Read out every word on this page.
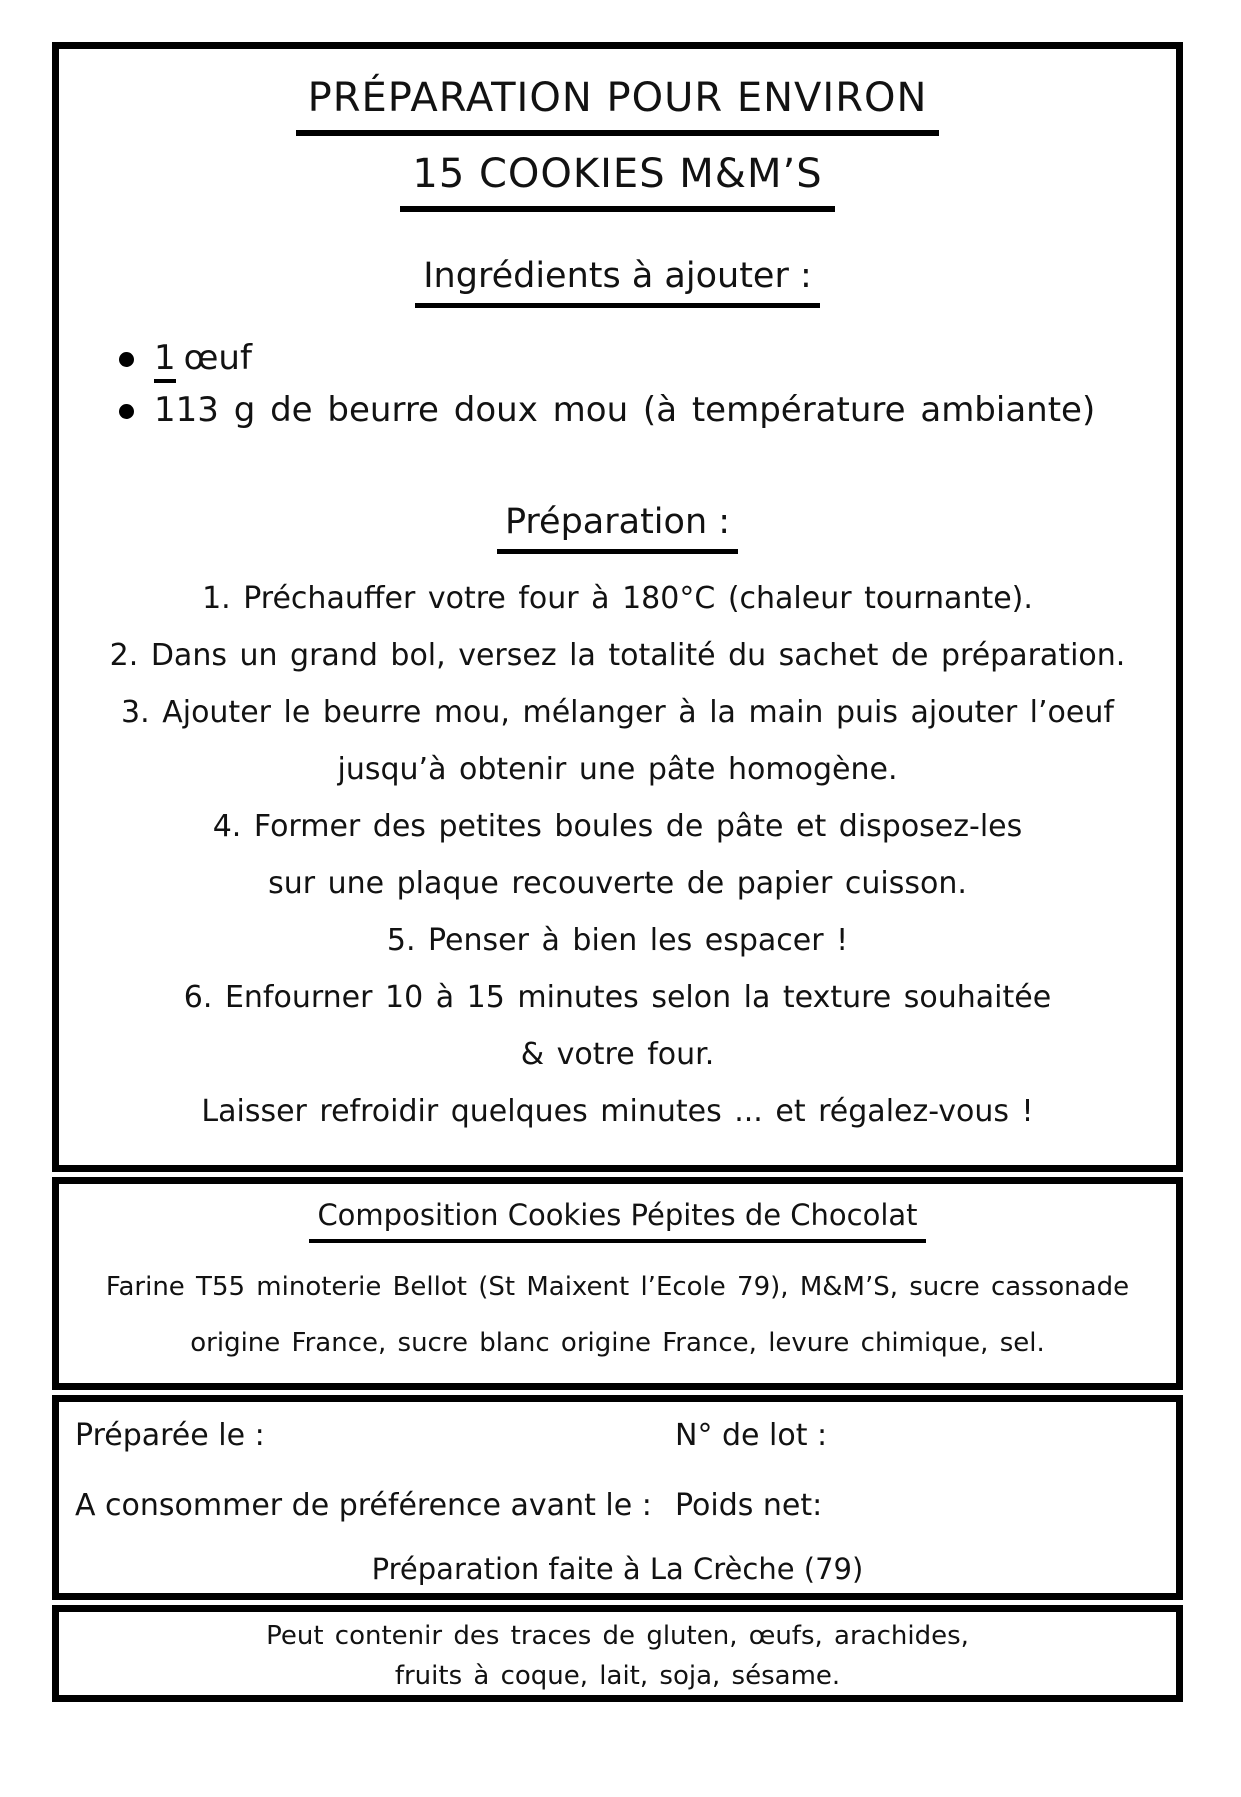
PRÉPARATION POUR ENVIRON
15 COOKIES M&M’S
Ingrédients à ajouter :
1 œuf
113 g de beurre doux mou (à température ambiante)
Préparation :
1. Préchauffer votre four à 180°C (chaleur tournante).
2. Dans un grand bol, versez la totalité du sachet de préparation.
3. Ajouter le beurre mou, mélanger à la main puis ajouter l’oeuf
jusqu’à obtenir une pâte homogène.
4. Former des petites boules de pâte et disposez-les
sur une plaque recouverte de papier cuisson.
5. Penser à bien les espacer !
6. Enfourner 10 à 15 minutes selon la texture souhaitée
& votre four.
Laisser refroidir quelques minutes ... et régalez-vous !
Composition Cookies Pépites de Chocolat
Farine T55 minoterie Bellot (St Maixent l’Ecole 79), M&M’S, sucre cassonade
origine France, sucre blanc origine France, levure chimique, sel.
Préparée le :	N° de lot :
A consommer de préférence avant le : Poids net:
Préparation faite à La Crèche (79)
Peut contenir des traces de gluten, œufs, arachides,
fruits à coque, lait, soja, sésame.
